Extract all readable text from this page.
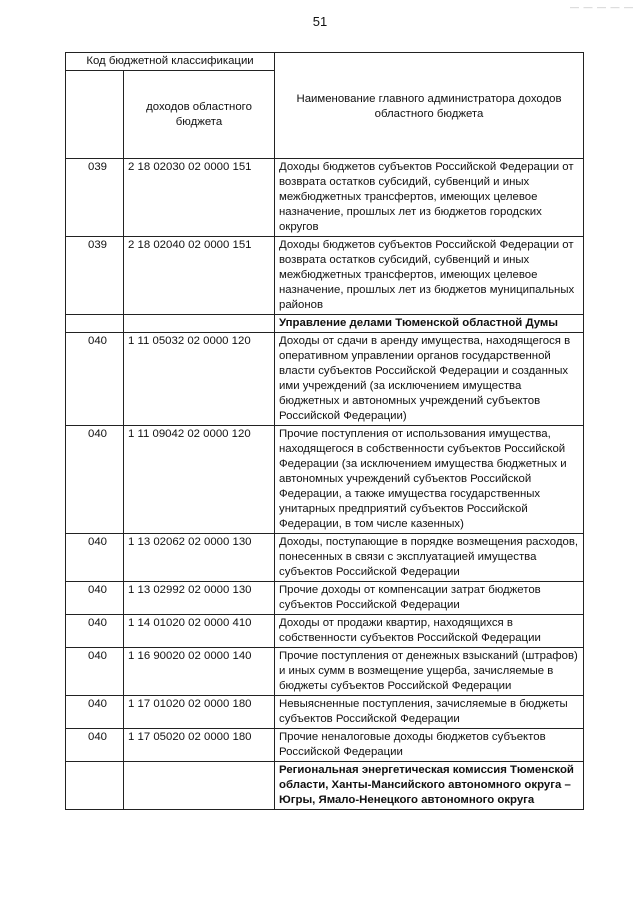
— — — — —
51
Код бюджетной классификации		Наименование главного администратора доходов областного бюджета
	доходов областного бюджета	

039	2 18 02030 02 0000 151	Доходы бюджетов субъектов Российской Федерации от возврата остатков субсидий, субвенций и иных межбюджетных трансфертов, имеющих целевое назначение, прошлых лет из бюджетов городских округов
039	2 18 02040 02 0000 151	Доходы бюджетов субъектов Российской Федерации от возврата остатков субсидий, субвенций и иных межбюджетных трансфертов, имеющих целевое назначение, прошлых лет из бюджетов муниципальных районов
		Управление делами Тюменской областной Думы
040	1 11 05032 02 0000 120	Доходы от сдачи в аренду имущества, находящегося в оперативном управлении органов государственной власти субъектов Российской Федерации и созданных ими учреждений (за исключением имущества бюджетных и автономных учреждений субъектов Российской Федерации)
040	1 11 09042 02 0000 120	Прочие поступления от использования имущества, находящегося в собственности субъектов Российской Федерации (за исключением имущества бюджетных и автономных учреждений субъектов Российской Федерации, а также имущества государственных унитарных предприятий субъектов Российской Федерации, в том числе казенных)
040	1 13 02062 02 0000 130	Доходы, поступающие в порядке возмещения расходов, понесенных в связи с эксплуатацией имущества субъектов Российской Федерации
040	1 13 02992 02 0000 130	Прочие доходы от компенсации затрат бюджетов субъектов Российской Федерации
040	1 14 01020 02 0000 410	Доходы от продажи квартир, находящихся в собственности субъектов Российской Федерации
040	1 16 90020 02 0000 140	Прочие поступления от денежных взысканий (штрафов) и иных сумм в возмещение ущерба, зачисляемые в бюджеты субъектов Российской Федерации
040	1 17 01020 02 0000 180	Невыясненные поступления, зачисляемые в бюджеты субъектов Российской Федерации
040	1 17 05020 02 0000 180	Прочие неналоговые доходы бюджетов субъектов Российской Федерации
		Региональная энергетическая комиссия Тюменской области, Ханты-Мансийского автономного округа – Югры, Ямало-Ненецкого автономного округа
